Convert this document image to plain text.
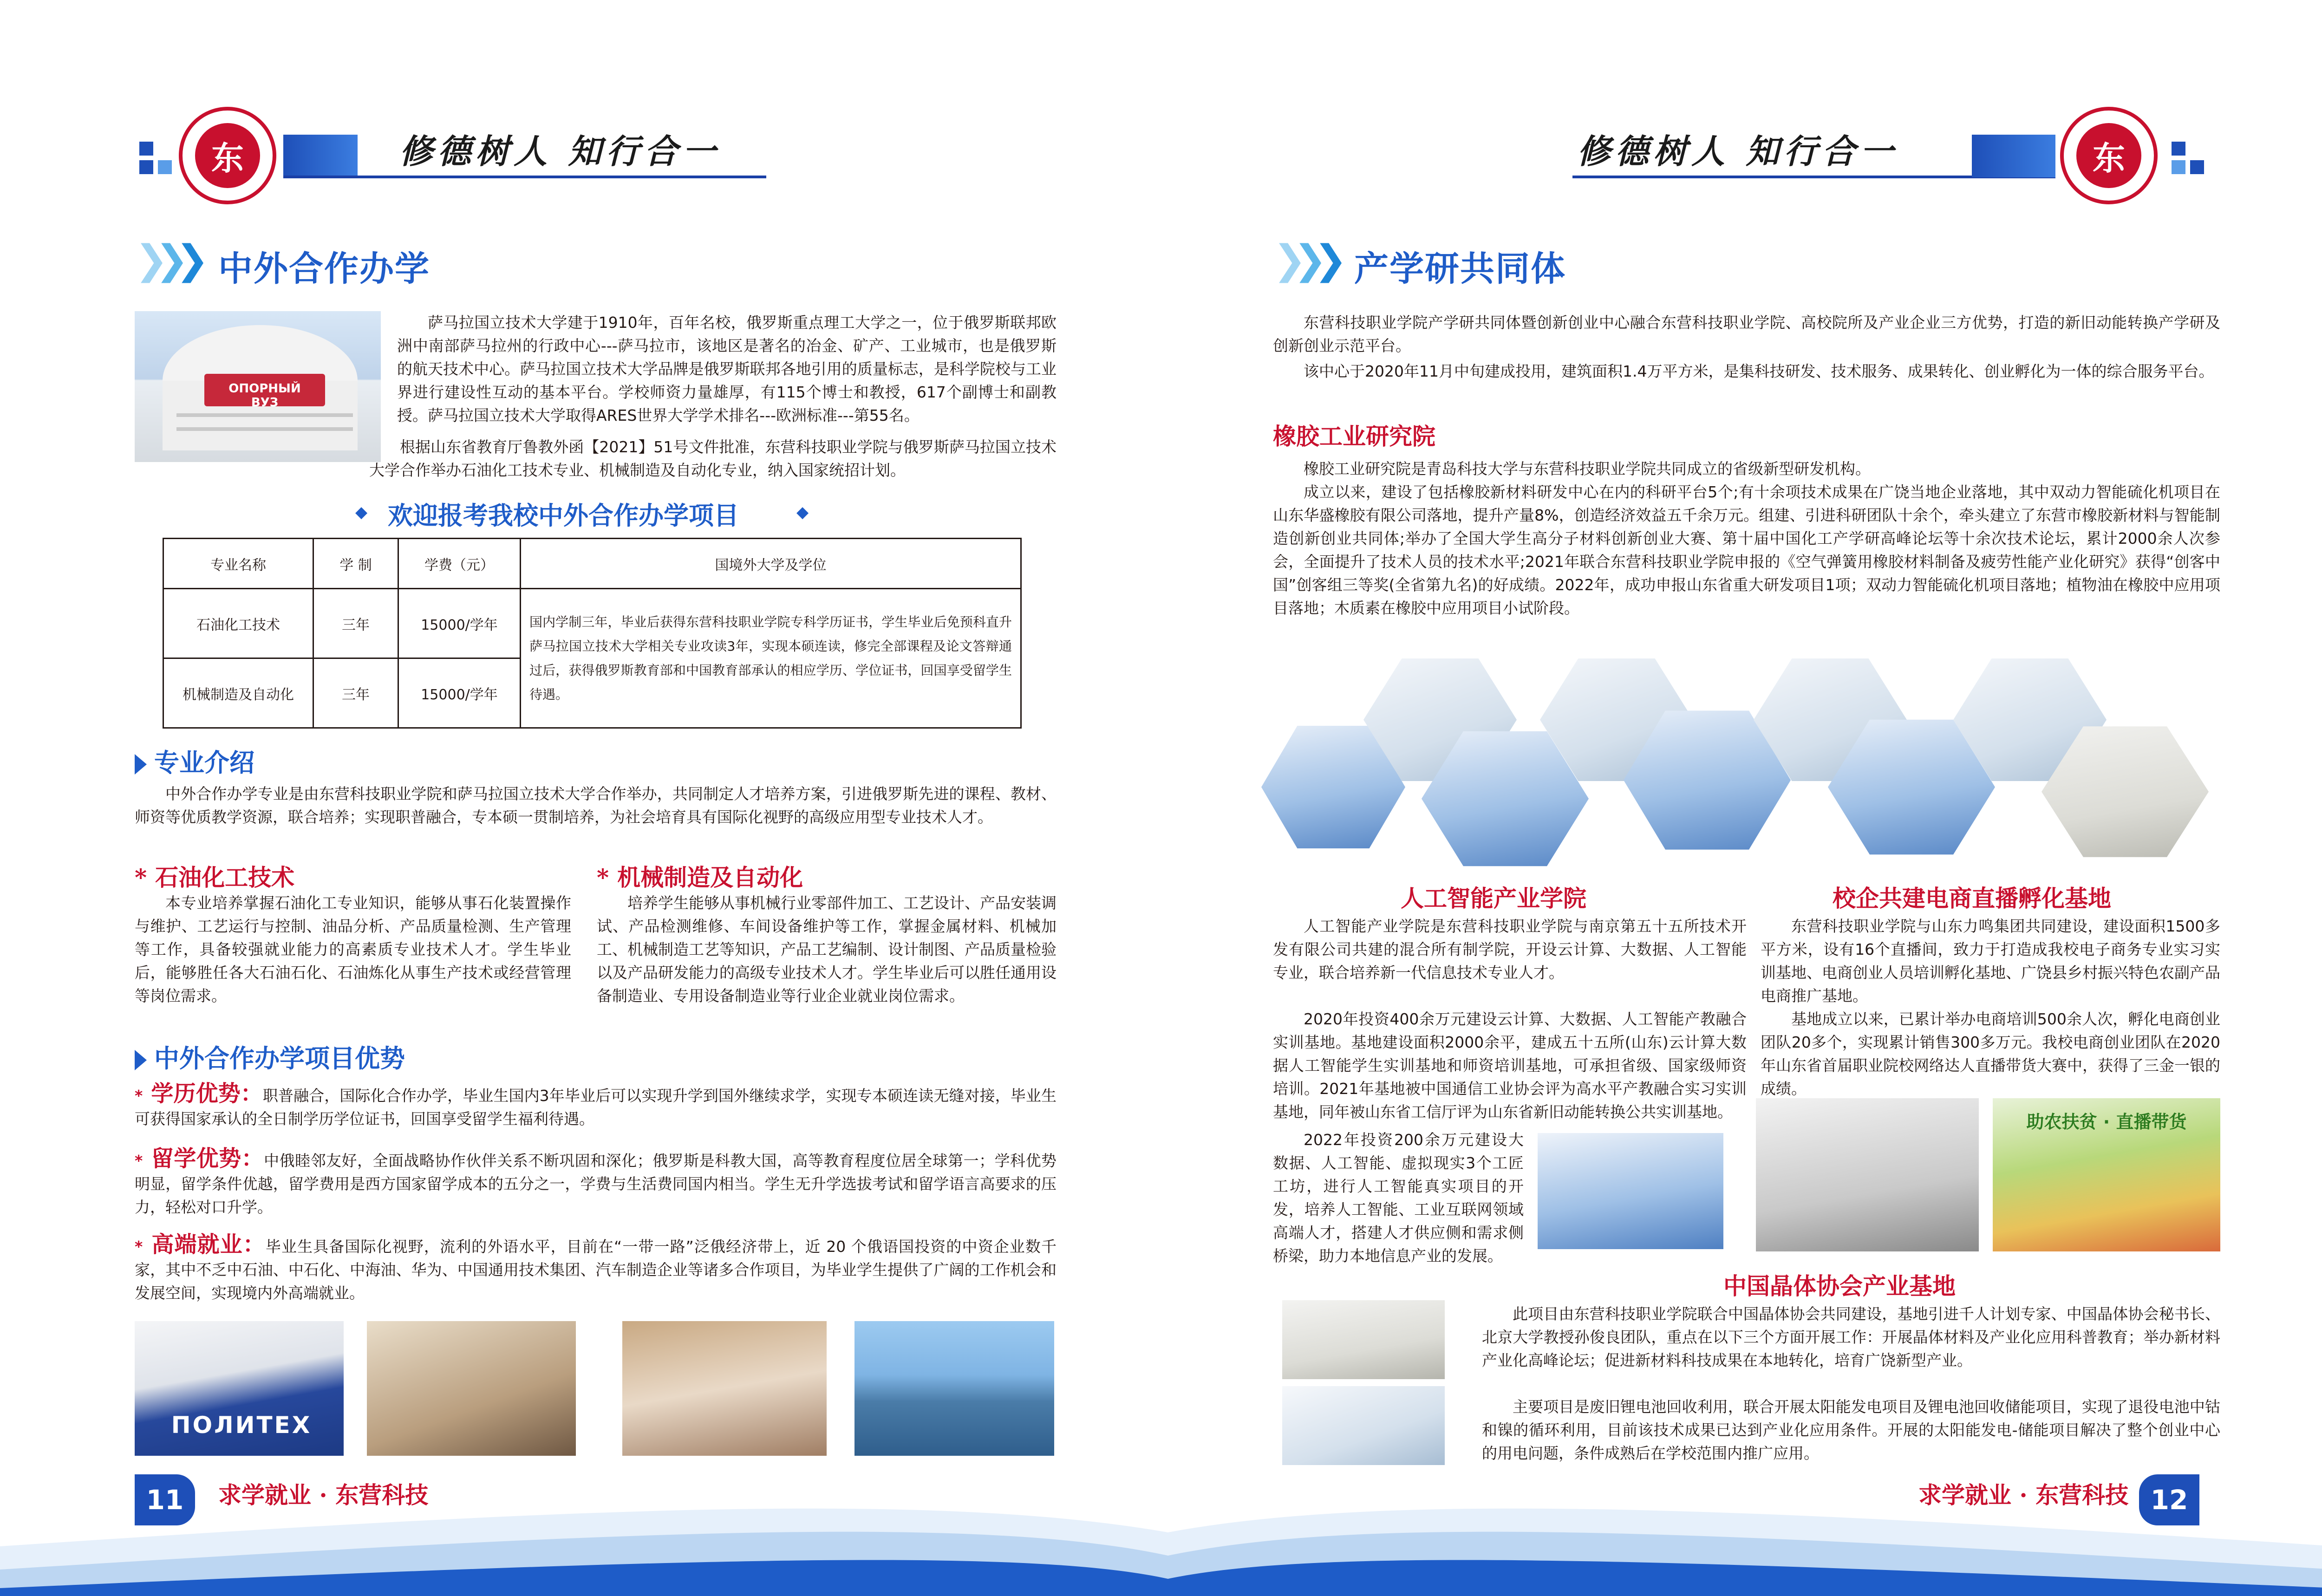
东	修德树人 知行合一
❯❯❯ 中外合作办学
ОПОРНЫЙ ВУЗ
萨马拉国立技术大学建于1910年，百年名校，俄罗斯重点理工大学之一，位于俄罗斯联邦欧洲中南部萨马拉州的行政中心---萨马拉市，该地区是著名的冶金、矿产、工业城市，也是俄罗斯的航天技术中心。萨马拉国立技术大学品牌是俄罗斯联邦各地引用的质量标志，是科学院校与工业界进行建设性互动的基本平台。学校师资力量雄厚，有115个博士和教授，617个副博士和副教授。萨马拉国立技术大学取得ARES世界大学学术排名---欧洲标准---第55名。
根据山东省教育厅鲁教外函【2021】51号文件批准，东营科技职业学院与俄罗斯萨马拉国立技术大学合作举办石油化工技术专业、机械制造及自动化专业，纳入国家统招计划。
◆ 欢迎报考我校中外合作办学项目	◆
专业名称	学 制	学费（元）	国境外大学及学位
石油化工技术	三年	15000/学年	国内学制三年，毕业后获得东营科技职业学院专科学历证书，学生毕业后免预科直升萨马拉国立技术大学相关专业攻读3年，实现本硕连读，修完全部课程及论文答辩通过后，获得俄罗斯教育部和中国教育部承认的相应学历、学位证书，回国享受留学生待遇。
机械制造及自动化	三年	15000/学年	
专业介绍
中外合作办学专业是由东营科技职业学院和萨马拉国立技术大学合作举办，共同制定人才培养方案，引进俄罗斯先进的课程、教材、师资等优质教学资源，联合培养；实现职普融合，专本硕一贯制培养，为社会培育具有国际化视野的高级应用型专业技术人才。
* 石油化工技术
本专业培养掌握石油化工专业知识，能够从事石化装置操作与维护、工艺运行与控制、油品分析、产品质量检测、生产管理等工作，具备较强就业能力的高素质专业技术人才。学生毕业后，能够胜任各大石油石化、石油炼化从事生产技术或经营管理等岗位需求。
* 机械制造及自动化
培养学生能够从事机械行业零部件加工、工艺设计、产品安装调试、产品检测维修、车间设备维护等工作，掌握金属材料、机械加工、机械制造工艺等知识，产品工艺编制、设计制图、产品质量检验以及产品研发能力的高级专业技术人才。学生毕业后可以胜任通用设备制造业、专用设备制造业等行业企业就业岗位需求。
中外合作办学项目优势
* 学历优势：职普融合，国际化合作办学，毕业生国内3年毕业后可以实现升学到国外继续求学，实现专本硕连读无缝对接，毕业生可获得国家承认的全日制学历学位证书，回国享受留学生福利待遇。
* 留学优势：中俄睦邻友好，全面战略协作伙伴关系不断巩固和深化；俄罗斯是科教大国，高等教育程度位居全球第一；学科优势明显，留学条件优越，留学费用是西方国家留学成本的五分之一，学费与生活费同国内相当。学生无升学选拔考试和留学语言高要求的压力，轻松对口升学。
* 高端就业：毕业生具备国际化视野，流利的外语水平，目前在“一带一路”泛俄经济带上，近 20 个俄语国投资的中资企业数千家，其中不乏中石油、中石化、中海油、华为、中国通用技术集团、汽车制造企业等诸多合作项目，为毕业学生提供了广阔的工作机会和发展空间，实现境内外高端就业。
ПОЛИТЕХ
11	求学就业 · 东营科技
修德树人 知行合一	东
❯❯❯ 产学研共同体
东营科技职业学院产学研共同体暨创新创业中心融合东营科技职业学院、高校院所及产业企业三方优势，打造的新旧动能转换产学研及创新创业示范平台。
该中心于2020年11月中旬建成投用，建筑面积1.4万平方米，是集科技研发、技术服务、成果转化、创业孵化为一体的综合服务平台。
橡胶工业研究院
橡胶工业研究院是青岛科技大学与东营科技职业学院共同成立的省级新型研发机构。
成立以来，建设了包括橡胶新材料研发中心在内的科研平台5个;有十余项技术成果在广饶当地企业落地，其中双动力智能硫化机项目在山东华盛橡胶有限公司落地，提升产量8%，创造经济效益五千余万元。组建、引进科研团队十余个，牵头建立了东营市橡胶新材料与智能制造创新创业共同体;举办了全国大学生高分子材料创新创业大赛、第十届中国化工产学研高峰论坛等十余次技术论坛，累计2000余人次参会，全面提升了技术人员的技术水平;2021年联合东营科技职业学院申报的《空气弹簧用橡胶材料制备及疲劳性能产业化研究》获得“创客中国”创客组三等奖(全省第九名)的好成绩。2022年，成功申报山东省重大研发项目1项；双动力智能硫化机项目落地；植物油在橡胶中应用项目落地；木质素在橡胶中应用项目小试阶段。
人工智能产业学院
人工智能产业学院是东营科技职业学院与南京第五十五所技术开发有限公司共建的混合所有制学院，开设云计算、大数据、人工智能专业，联合培养新一代信息技术专业人才。
2020年投资400余万元建设云计算、大数据、人工智能产教融合实训基地。基地建设面积2000余平，建成五十五所(山东)云计算大数据人工智能学生实训基地和师资培训基地，可承担省级、国家级师资培训。2021年基地被中国通信工业协会评为高水平产教融合实习实训基地，同年被山东省工信厅评为山东省新旧动能转换公共实训基地。
2022年投资200余万元建设大数据、人工智能、虚拟现实3个工匠工坊，进行人工智能真实项目的开发，培养人工智能、工业互联网领域高端人才，搭建人才供应侧和需求侧桥梁，助力本地信息产业的发展。
校企共建电商直播孵化基地
东营科技职业学院与山东力鸣集团共同建设，建设面积1500多平方米，设有16个直播间，致力于打造成我校电子商务专业实习实训基地、电商创业人员培训孵化基地、广饶县乡村振兴特色农副产品电商推广基地。
基地成立以来，已累计举办电商培训500余人次，孵化电商创业团队20多个，实现累计销售300多万元。我校电商创业团队在2020年山东省首届职业院校网络达人直播带货大赛中，获得了三金一银的成绩。
助农扶贫 · 直播带货
中国晶体协会产业基地
此项目由东营科技职业学院联合中国晶体协会共同建设，基地引进千人计划专家、中国晶体协会秘书长、北京大学教授孙俊良团队，重点在以下三个方面开展工作：开展晶体材料及产业化应用科普教育；举办新材料产业化高峰论坛；促进新材料科技成果在本地转化，培育广饶新型产业。
主要项目是废旧锂电池回收利用，联合开展太阳能发电项目及锂电池回收储能项目，实现了退役电池中钴和镍的循环利用，目前该技术成果已达到产业化应用条件。开展的太阳能发电-储能项目解决了整个创业中心的用电问题，条件成熟后在学校范围内推广应用。
求学就业 · 东营科技 12
